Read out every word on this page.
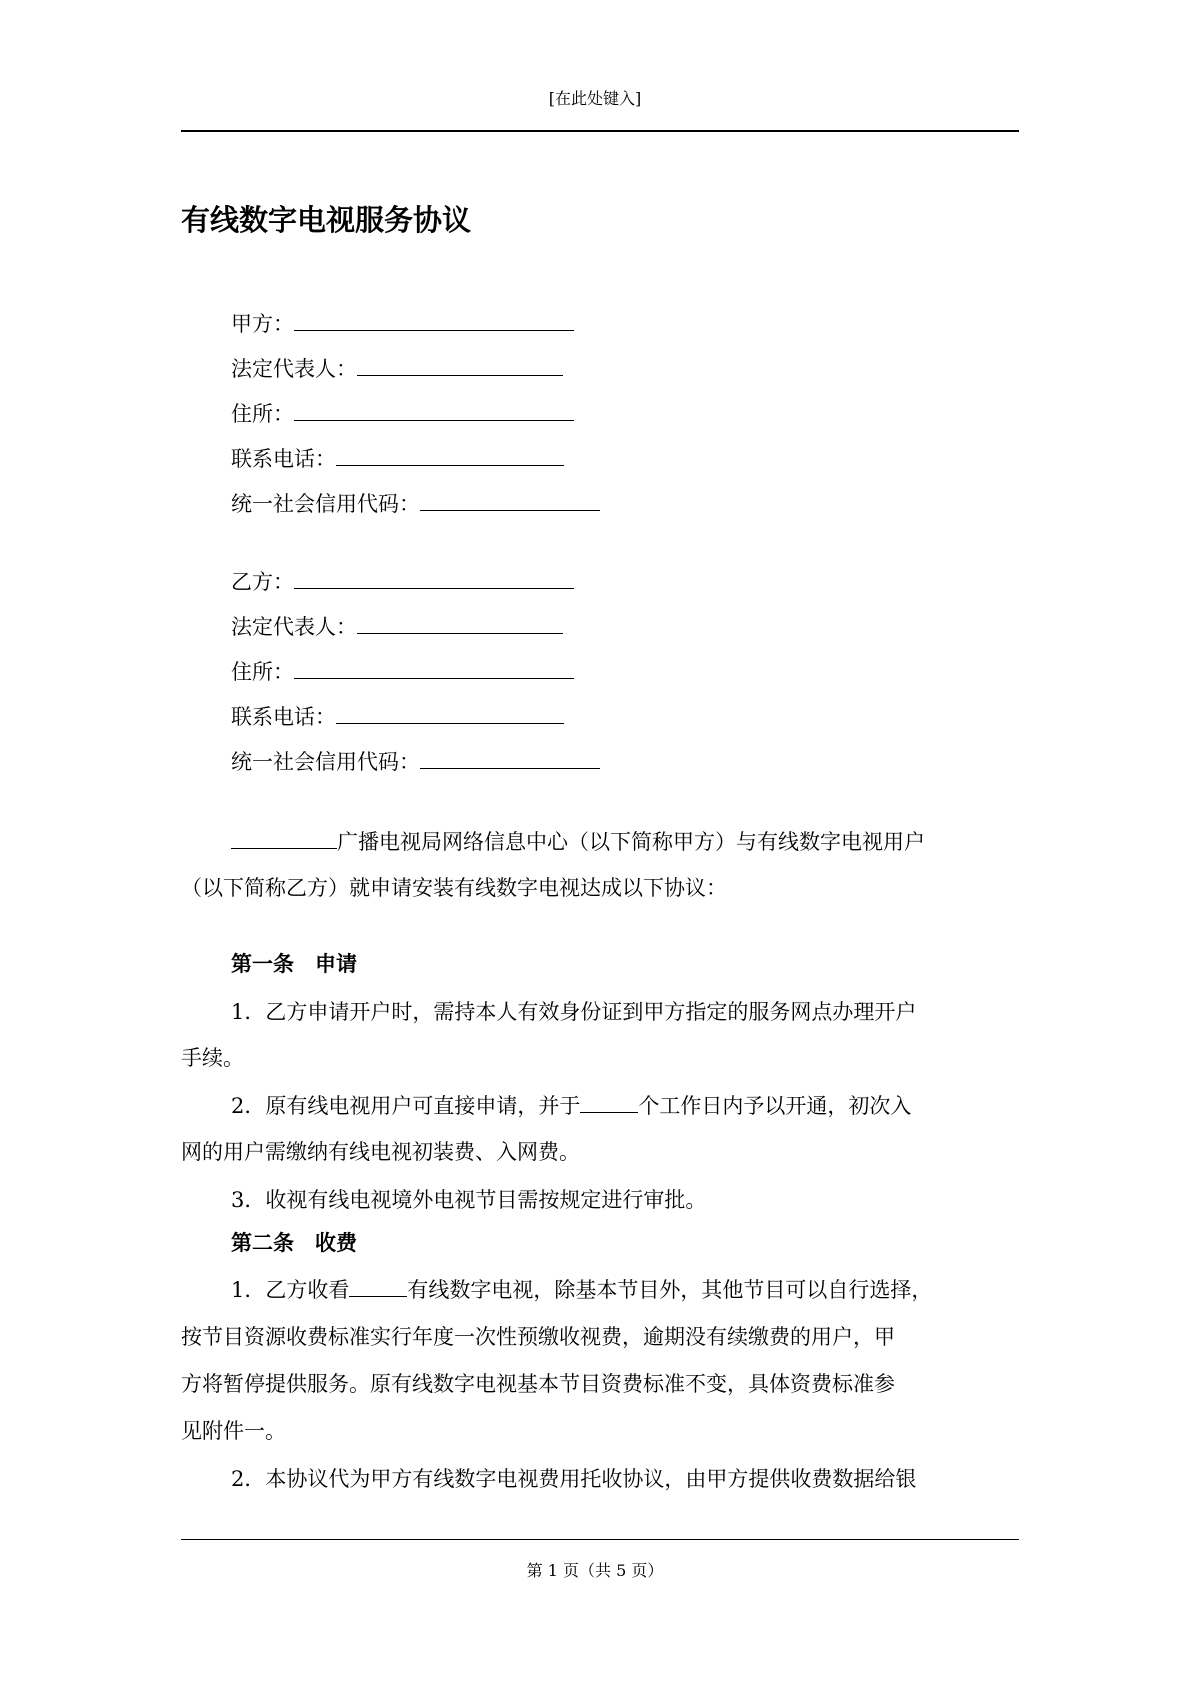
[在此处键入]
有线数字电视服务协议
甲方：
法定代表人：
住所：
联系电话：
统一社会信用代码：
乙方：
法定代表人：
住所：
联系电话：
统一社会信用代码：
广播电视局网络信息中心（以下简称甲方）与有线数字电视用户
（以下简称乙方）就申请安装有线数字电视达成以下协议：
第一条　申请
1．乙方申请开户时，需持本人有效身份证到甲方指定的服务网点办理开户
手续。
2．原有线电视用户可直接申请，并于	个工作日内予以开通，初次入
网的用户需缴纳有线电视初装费、入网费。
3．收视有线电视境外电视节目需按规定进行审批。
第二条　收费
1．乙方收看	有线数字电视，除基本节目外，其他节目可以自行选择，
按节目资源收费标准实行年度一次性预缴收视费，逾期没有续缴费的用户，甲
方将暂停提供服务。原有线数字电视基本节目资费标准不变，具体资费标准参
见附件一。
2．本协议代为甲方有线数字电视费用托收协议，由甲方提供收费数据给银
第 1 页（共 5 页）
